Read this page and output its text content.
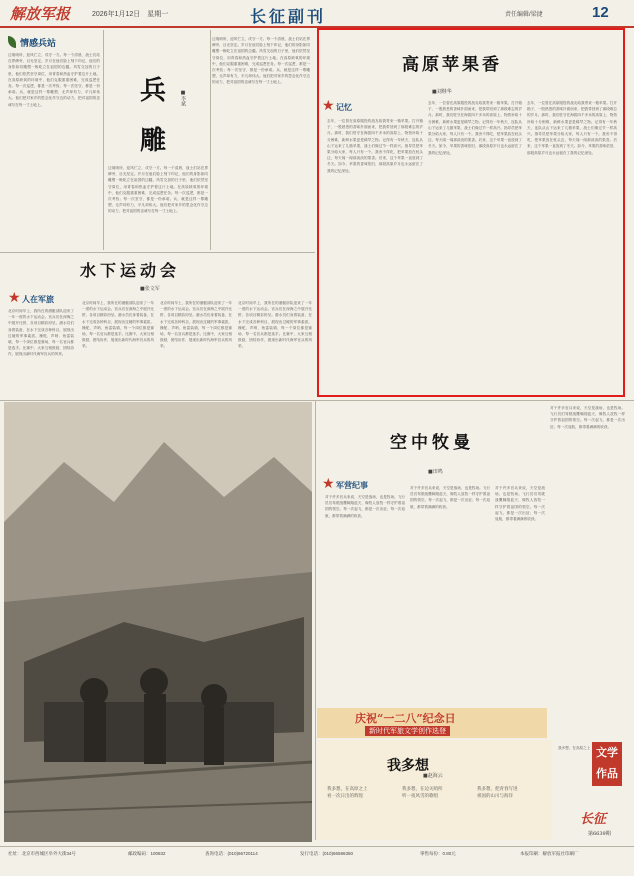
解放军报	2026年1月12日　星期一	长征副刊	责任编辑/梁捷	12
情感兵站
边境哨所，迎风伫立，戍守一方。每一个清晨，战士们站在界碑旁，目光坚定。岁月在他们脸上刻下印记，他们的身影如同雕塑一般屹立在祖国的边疆。风雪交加的日子里，他们依然坚守岗位，用青春和热血守护着这片土地。在高原缺氧的环境中，他们克服重重困难，完成巡逻任务。每一次巡逻，都是一次考验；每一次坚守，都是一份承诺。兵，就是这样一尊雕塑，无声却有力，平凡却伟大。他们把对家乡的思念化作守边的动力，把对祖国的忠诚写在每一寸土地上。
边境哨所，迎风伫立，戍守一方。每一个清晨，战士们站在界碑旁，目光坚定。岁月在他们脸上刻下印记，他们的身影如同雕塑一般屹立在祖国的边疆。风雪交加的日子里，他们依然坚守岗位，用青春和热血守护着这片土地。在高原缺氧的环境中，他们克服重重困难，完成巡逻任务。每一次巡逻，都是一次考验；每一次坚守，都是一份承诺。兵，就是这样一尊雕塑，无声却有力，平凡却伟大。他们把对家乡的思念化作守边的动力，把对祖国的忠诚写在每一寸土地上。
兵
雕
■李斌
边境哨所，迎风伫立，戍守一方。每一个清晨，战士们站在界碑旁，目光坚定。岁月在他们脸上刻下印记，他们的身影如同雕塑一般屹立在祖国的边疆。风雪交加的日子里，他们依然坚守岗位，用青春和热血守护着这片土地。在高原缺氧的环境中，他们克服重重困难，完成巡逻任务。每一次巡逻，都是一次考验；每一次坚守，都是一份承诺。兵，就是这样一尊雕塑，无声却有力，平凡却伟大。他们把对家乡的思念化作守边的动力，把对祖国的忠诚写在每一寸土地上。
水下运动会
■张文军
★ 人在军旅
北京时间早上，我所在的潜艇部队迎来了一年一度的水下运动会。官兵们在深海之中展开比拼，各项目精彩纷呈。潜水员们身着装备，在水下完成各种科目，展现出过硬的军事素质。操舵、声呐、鱼雷装填，每一个岗位都是赛场，每一名官兵都是选手。比赛中，大家互相鼓励，团结协作，展现出新时代海军官兵的风采。
北京时间早上，我所在的潜艇部队迎来了一年一度的水下运动会。官兵们在深海之中展开比拼，各项目精彩纷呈。潜水员们身着装备，在水下完成各种科目，展现出过硬的军事素质。操舵、声呐、鱼雷装填，每一个岗位都是赛场，每一名官兵都是选手。比赛中，大家互相鼓励，团结协作，展现出新时代海军官兵的风采。
北京时间早上，我所在的潜艇部队迎来了一年一度的水下运动会。官兵们在深海之中展开比拼，各项目精彩纷呈。潜水员们身着装备，在水下完成各种科目，展现出过硬的军事素质。操舵、声呐、鱼雷装填，每一个岗位都是赛场，每一名官兵都是选手。比赛中，大家互相鼓励，团结协作，展现出新时代海军官兵的风采。
北京时间早上，我所在的潜艇部队迎来了一年一度的水下运动会。官兵们在深海之中展开比拼，各项目精彩纷呈。潜水员们身着装备，在水下完成各种科目，展现出过硬的军事素质。操舵、声呐、鱼雷装填，每一个岗位都是赛场，每一名官兵都是选手。比赛中，大家互相鼓励，团结协作，展现出新时代海军官兵的风采。
高原苹果香
■刘继华
★ 记忆
去年，一位曾在高原服役的战友给我寄来一箱苹果。打开箱子，一股熟悉的香味扑面而来，把我带回到了那段难忘的岁月。那时，我们驻守在海拔四千多米的高原上，物资补给十分困难，新鲜水果更是稀罕之物。记得有一年秋天，连队从山下运来了几箱苹果，战士们像过节一样高兴。指导员把苹果分给大家，每人只有一个。我舍不得吃，把苹果放在枕头边，每天闻一闻那淡淡的果香。后来，这个苹果一直放到了冬天。如今，苹果的香味依旧，那段高原岁月也永远留在了我的记忆深处。
去年，一位曾在高原服役的战友给我寄来一箱苹果。打开箱子，一股熟悉的香味扑面而来，把我带回到了那段难忘的岁月。那时，我们驻守在海拔四千多米的高原上，物资补给十分困难，新鲜水果更是稀罕之物。记得有一年秋天，连队从山下运来了几箱苹果，战士们像过节一样高兴。指导员把苹果分给大家，每人只有一个。我舍不得吃，把苹果放在枕头边，每天闻一闻那淡淡的果香。后来，这个苹果一直放到了冬天。如今，苹果的香味依旧，那段高原岁月也永远留在了我的记忆深处。
去年，一位曾在高原服役的战友给我寄来一箱苹果。打开箱子，一股熟悉的香味扑面而来，把我带回到了那段难忘的岁月。那时，我们驻守在海拔四千多米的高原上，物资补给十分困难，新鲜水果更是稀罕之物。记得有一年秋天，连队从山下运来了几箱苹果，战士们像过节一样高兴。指导员把苹果分给大家，每人只有一个。我舍不得吃，把苹果放在枕头边，每天闻一闻那淡淡的果香。后来，这个苹果一直放到了冬天。如今，苹果的香味依旧，那段高原岁月也永远留在了我的记忆深处。
空中牧曼
■田鸣
★ 军营纪事
对于许多官兵来说，天空是战场，也是牧场。飞行员们驾驶战鹰翱翔蓝天，像牧人放牧一样守护着祖国的领空。每一次起飞，都是一次出征；每一次返航，都带着满满的收获。
对于许多官兵来说，天空是战场，也是牧场。飞行员们驾驶战鹰翱翔蓝天，像牧人放牧一样守护着祖国的领空。每一次起飞，都是一次出征；每一次返航，都带着满满的收获。
对于许多官兵来说，天空是战场，也是牧场。飞行员们驾驶战鹰翱翔蓝天，像牧人放牧一样守护着祖国的领空。每一次起飞，都是一次出征；每一次返航，都带着满满的收获。
对于许多官兵来说，天空是战场，也是牧场。飞行员们驾驶战鹰翱翔蓝天，像牧人放牧一样守护着祖国的领空。每一次起飞，都是一次出征；每一次返航，都带着满满的收获。
庆祝“一二八”纪念日
新时代军旅文学创作选登
我多想
■赵海云
我多想，在高原之上
看一次日出的辉煌
我多想，在边关哨所
听一夜风雪的歌唱
我多想，把青春写进
祖国的山川与海洋
我多想，在高原之上 文学
作品
长征
第6639期
社址：北京市西城区阜外大街34号	邮政编码：100832	查询电话：(010)66720114	发行电话：(010)66586350	零售每份：0.80元	本报印刷：解放军报社印刷厂
